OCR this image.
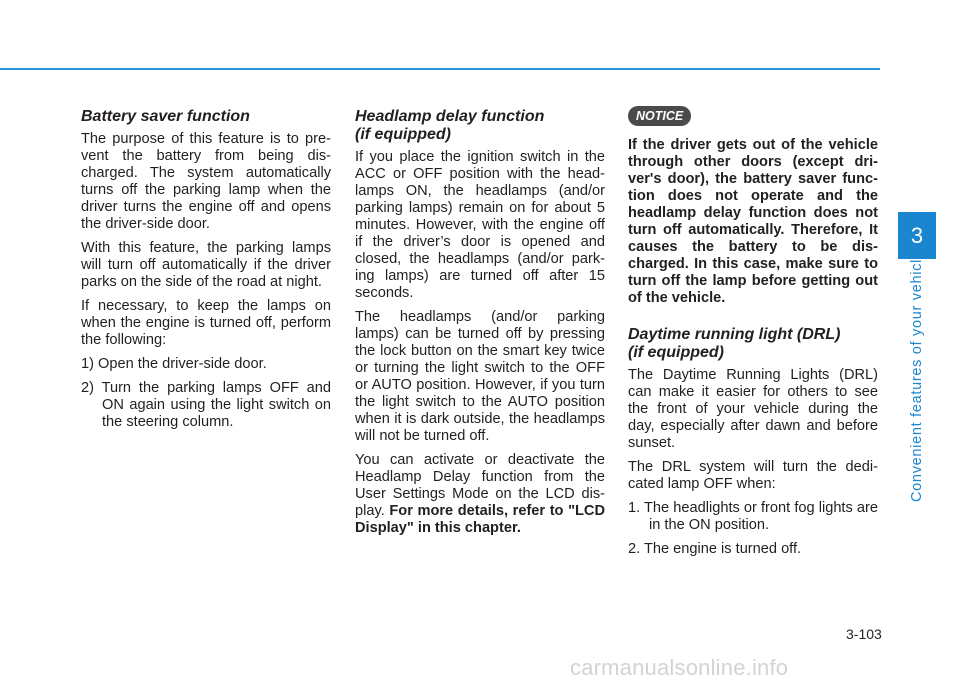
Battery saver function

The purpose of this feature is to pre-vent the battery from being dis-charged. The system automatically turns off the parking lamp when the driver turns the engine off and opens the driver-side door.

With this feature, the parking lamps will turn off automatically if the driver parks on the side of the road at night.

If necessary, to keep the lamps on when the engine is turned off, perform the following:

1) Open the driver-side door.

2) Turn the parking lamps OFF and ON again using the light switch on the steering column.

Headlamp delay function
(if equipped)

If you place the ignition switch in the ACC or OFF position with the head-lamps ON, the headlamps (and/or parking lamps) remain on for about 5 minutes. However, with the engine off if the driver’s door is opened and closed, the headlamps (and/or park-ing lamps) are turned off after 15 seconds.

The headlamps (and/or parking lamps) can be turned off by pressing the lock button on the smart key twice or turning the light switch to the OFF or AUTO position. However, if you turn the light switch to the AUTO position when it is dark outside, the headlamps will not be turned off.

You can activate or deactivate the Headlamp Delay function from the User Settings Mode on the LCD dis-play. For more details, refer to "LCD Display" in this chapter.

NOTICE

If the driver gets out of the vehicle through other doors (except dri-ver's door), the battery saver func-tion does not operate and the headlamp delay function does not turn off automatically. Therefore, It causes the battery to be dis-charged. In this case, make sure to turn off the lamp before getting out of the vehicle.

Daytime running light (DRL)
(if equipped)

The Daytime Running Lights (DRL) can make it easier for others to see the front of your vehicle during the day, especially after dawn and before sunset.

The DRL system will turn the dedi-cated lamp OFF when:

1. The headlights or front fog lights are in the ON position.

2. The engine is turned off.

3
Convenient features of your vehicle
3-103
carmanualsonline.info
